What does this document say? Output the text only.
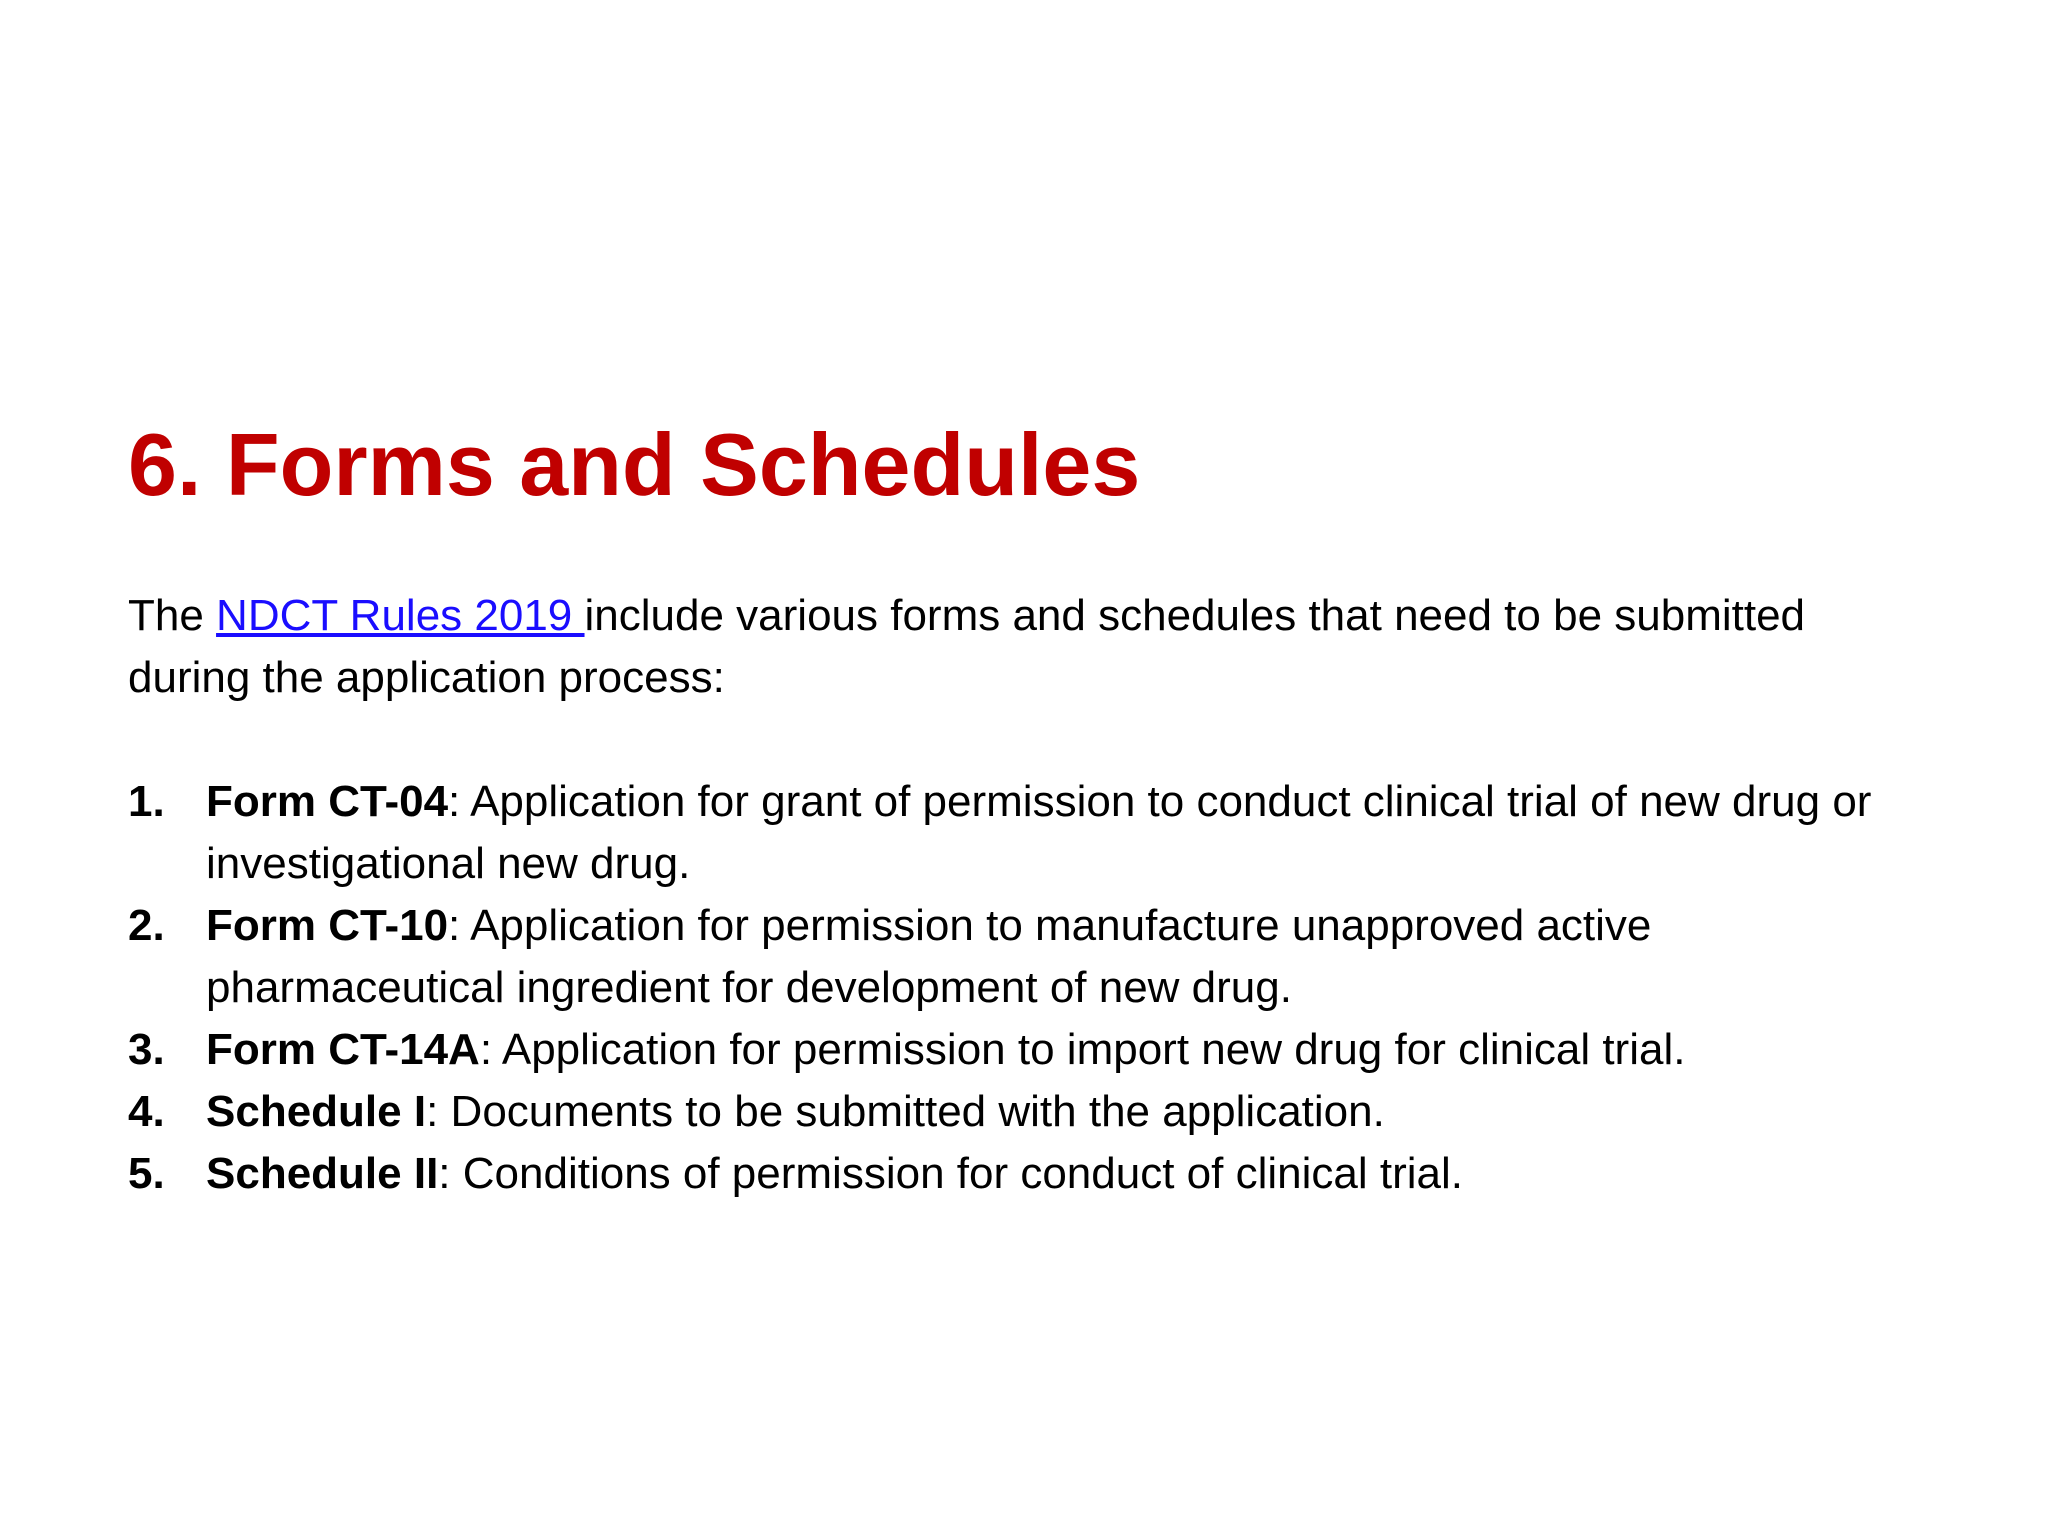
6. Forms and Schedules

The NDCT Rules 2019 include various forms and schedules that need to be submitted during the application process:

1. Form CT-04: Application for grant of permission to conduct clinical trial of new drug or investigational new drug.
2. Form CT-10: Application for permission to manufacture unapproved active pharmaceutical ingredient for development of new drug.
3. Form CT-14A: Application for permission to import new drug for clinical trial.
4. Schedule I: Documents to be submitted with the application.
5. Schedule II: Conditions of permission for conduct of clinical trial.
